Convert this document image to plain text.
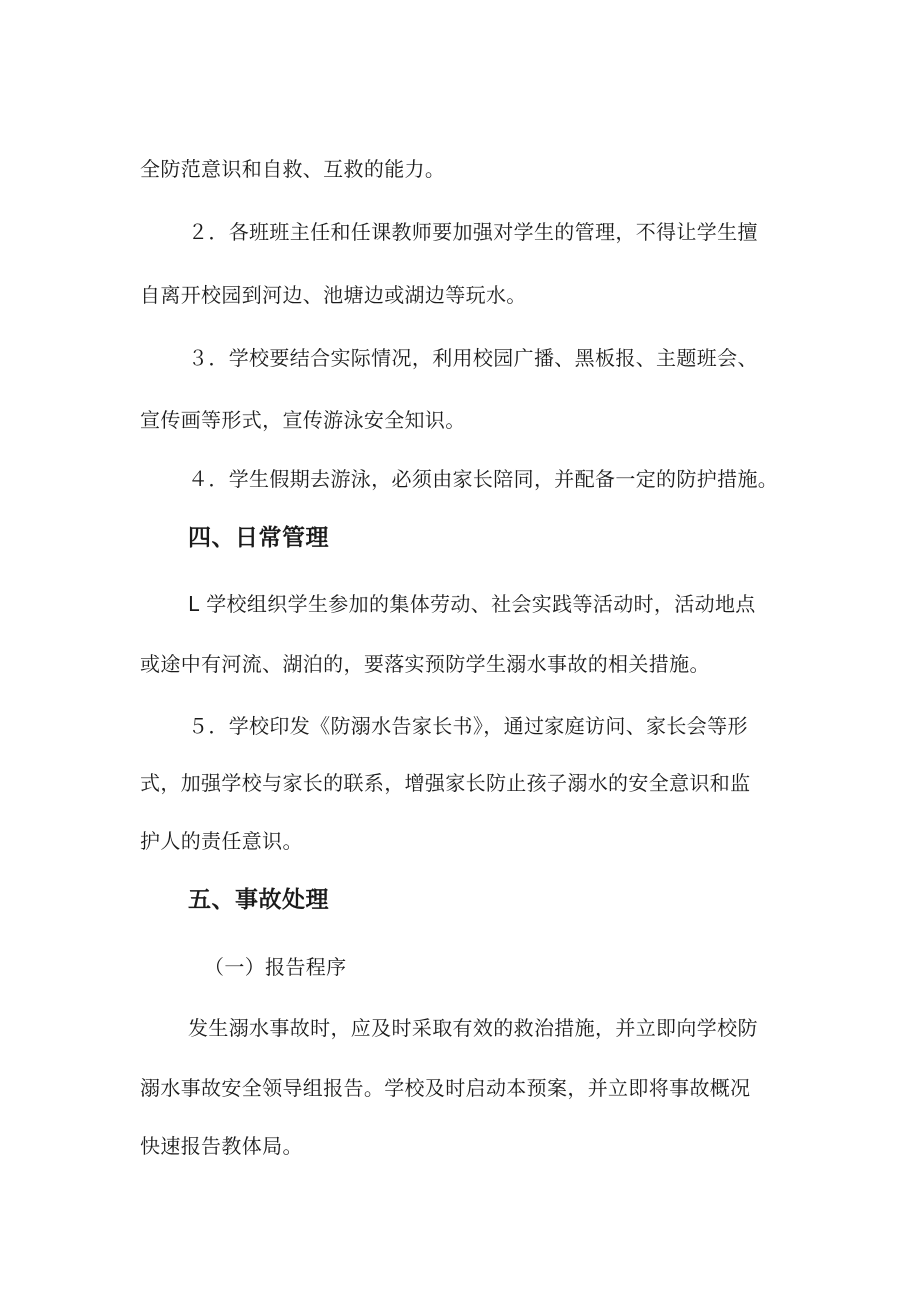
全防范意识和自救、互救的能力。
２．各班班主任和任课教师要加强对学生的管理，不得让学生擅
自离开校园到河边、池塘边或湖边等玩水。
３．学校要结合实际情况，利用校园广播、黑板报、主题班会、
宣传画等形式，宣传游泳安全知识。
４．学生假期去游泳，必须由家长陪同，并配备一定的防护措施。
四、日常管理
L 学校组织学生参加的集体劳动、社会实践等活动时，活动地点
或途中有河流、湖泊的，要落实预防学生溺水事故的相关措施。
５．学校印发《防溺水告家长书》，通过家庭访问、家长会等形
式，加强学校与家长的联系，增强家长防止孩子溺水的安全意识和监
护人的责任意识。
五、事故处理
（一）报告程序
发生溺水事故时，应及时采取有效的救治措施，并立即向学校防
溺水事故安全领导组报告。学校及时启动本预案，并立即将事故概况
快速报告教体局。
